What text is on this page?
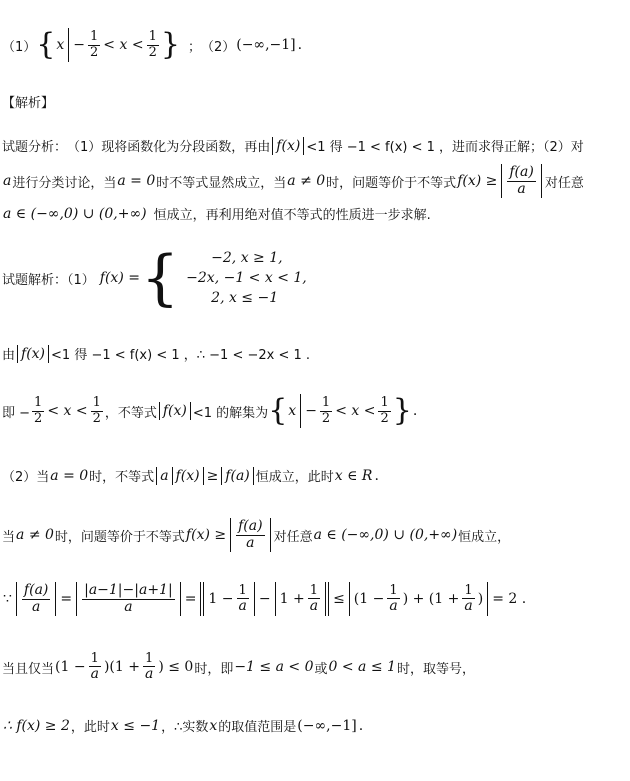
（1） { $x - \frac{1}{2} < x < \frac{1}{2}$ } ； （2） (−∞,−1] .
【解析】
试题分析： （1）现将函数化为分段函数，再由 f(x) <1 得 −1 < f(x) < 1 ，进而求得正解；（2）对
a 进行分类讨论，当 a = 0 时不等式显然成立，当 a ≠ 0 时，问题等价于不等式 $f(x) \ge \frac{f(a)}{a}$ 对任意
a ∈ (−∞,0) ∪ (0,+∞) 恒成立，再利用绝对值不等式的性质进一步求解.
试题解析：（1） f(x) = {	−2, x ≥ 1,
−2x, −1 < x < 1,
2, x ≤ −1
由 f(x) <1 得 −1 < f(x) < 1 ，∴ −1 < −2x < 1 .
即 − $\frac{1}{2} < x < \frac{1}{2}$ ，不等式 f(x) <1 的解集为 { $x - \frac{1}{2} < x < \frac{1}{2}$ } .
（2）当 a = 0 时，不等式 a f(x) ≥ f(a) 恒成立，此时 x ∈ R .
当 a ≠ 0 时，问题等价于不等式 $f(x) \ge \frac{f(a)}{a}$ 对任意 a ∈ (−∞,0) ∪ (0,+∞) 恒成立，
∵ $\frac{f(a)}{a} = \frac{|a-1|-|a+1|}{a} = 1 - \frac{1}{a} - 1 + \frac{1}{a} \le (1 - \frac{1}{a}$ ) + ($1 + \frac{1}{a}$ ) = 2 .
当且仅当 $(1 - \frac{1}{a} )(1 + \frac{1}{a}$ ) ≤ 0 时，即 −1 ≤ a < 0 或 0 < a ≤ 1 时，取等号，
∴ f(x) ≥ 2 ，此时 x ≤ −1 ，∴实数 x 的取值范围是 (−∞,−1] .
